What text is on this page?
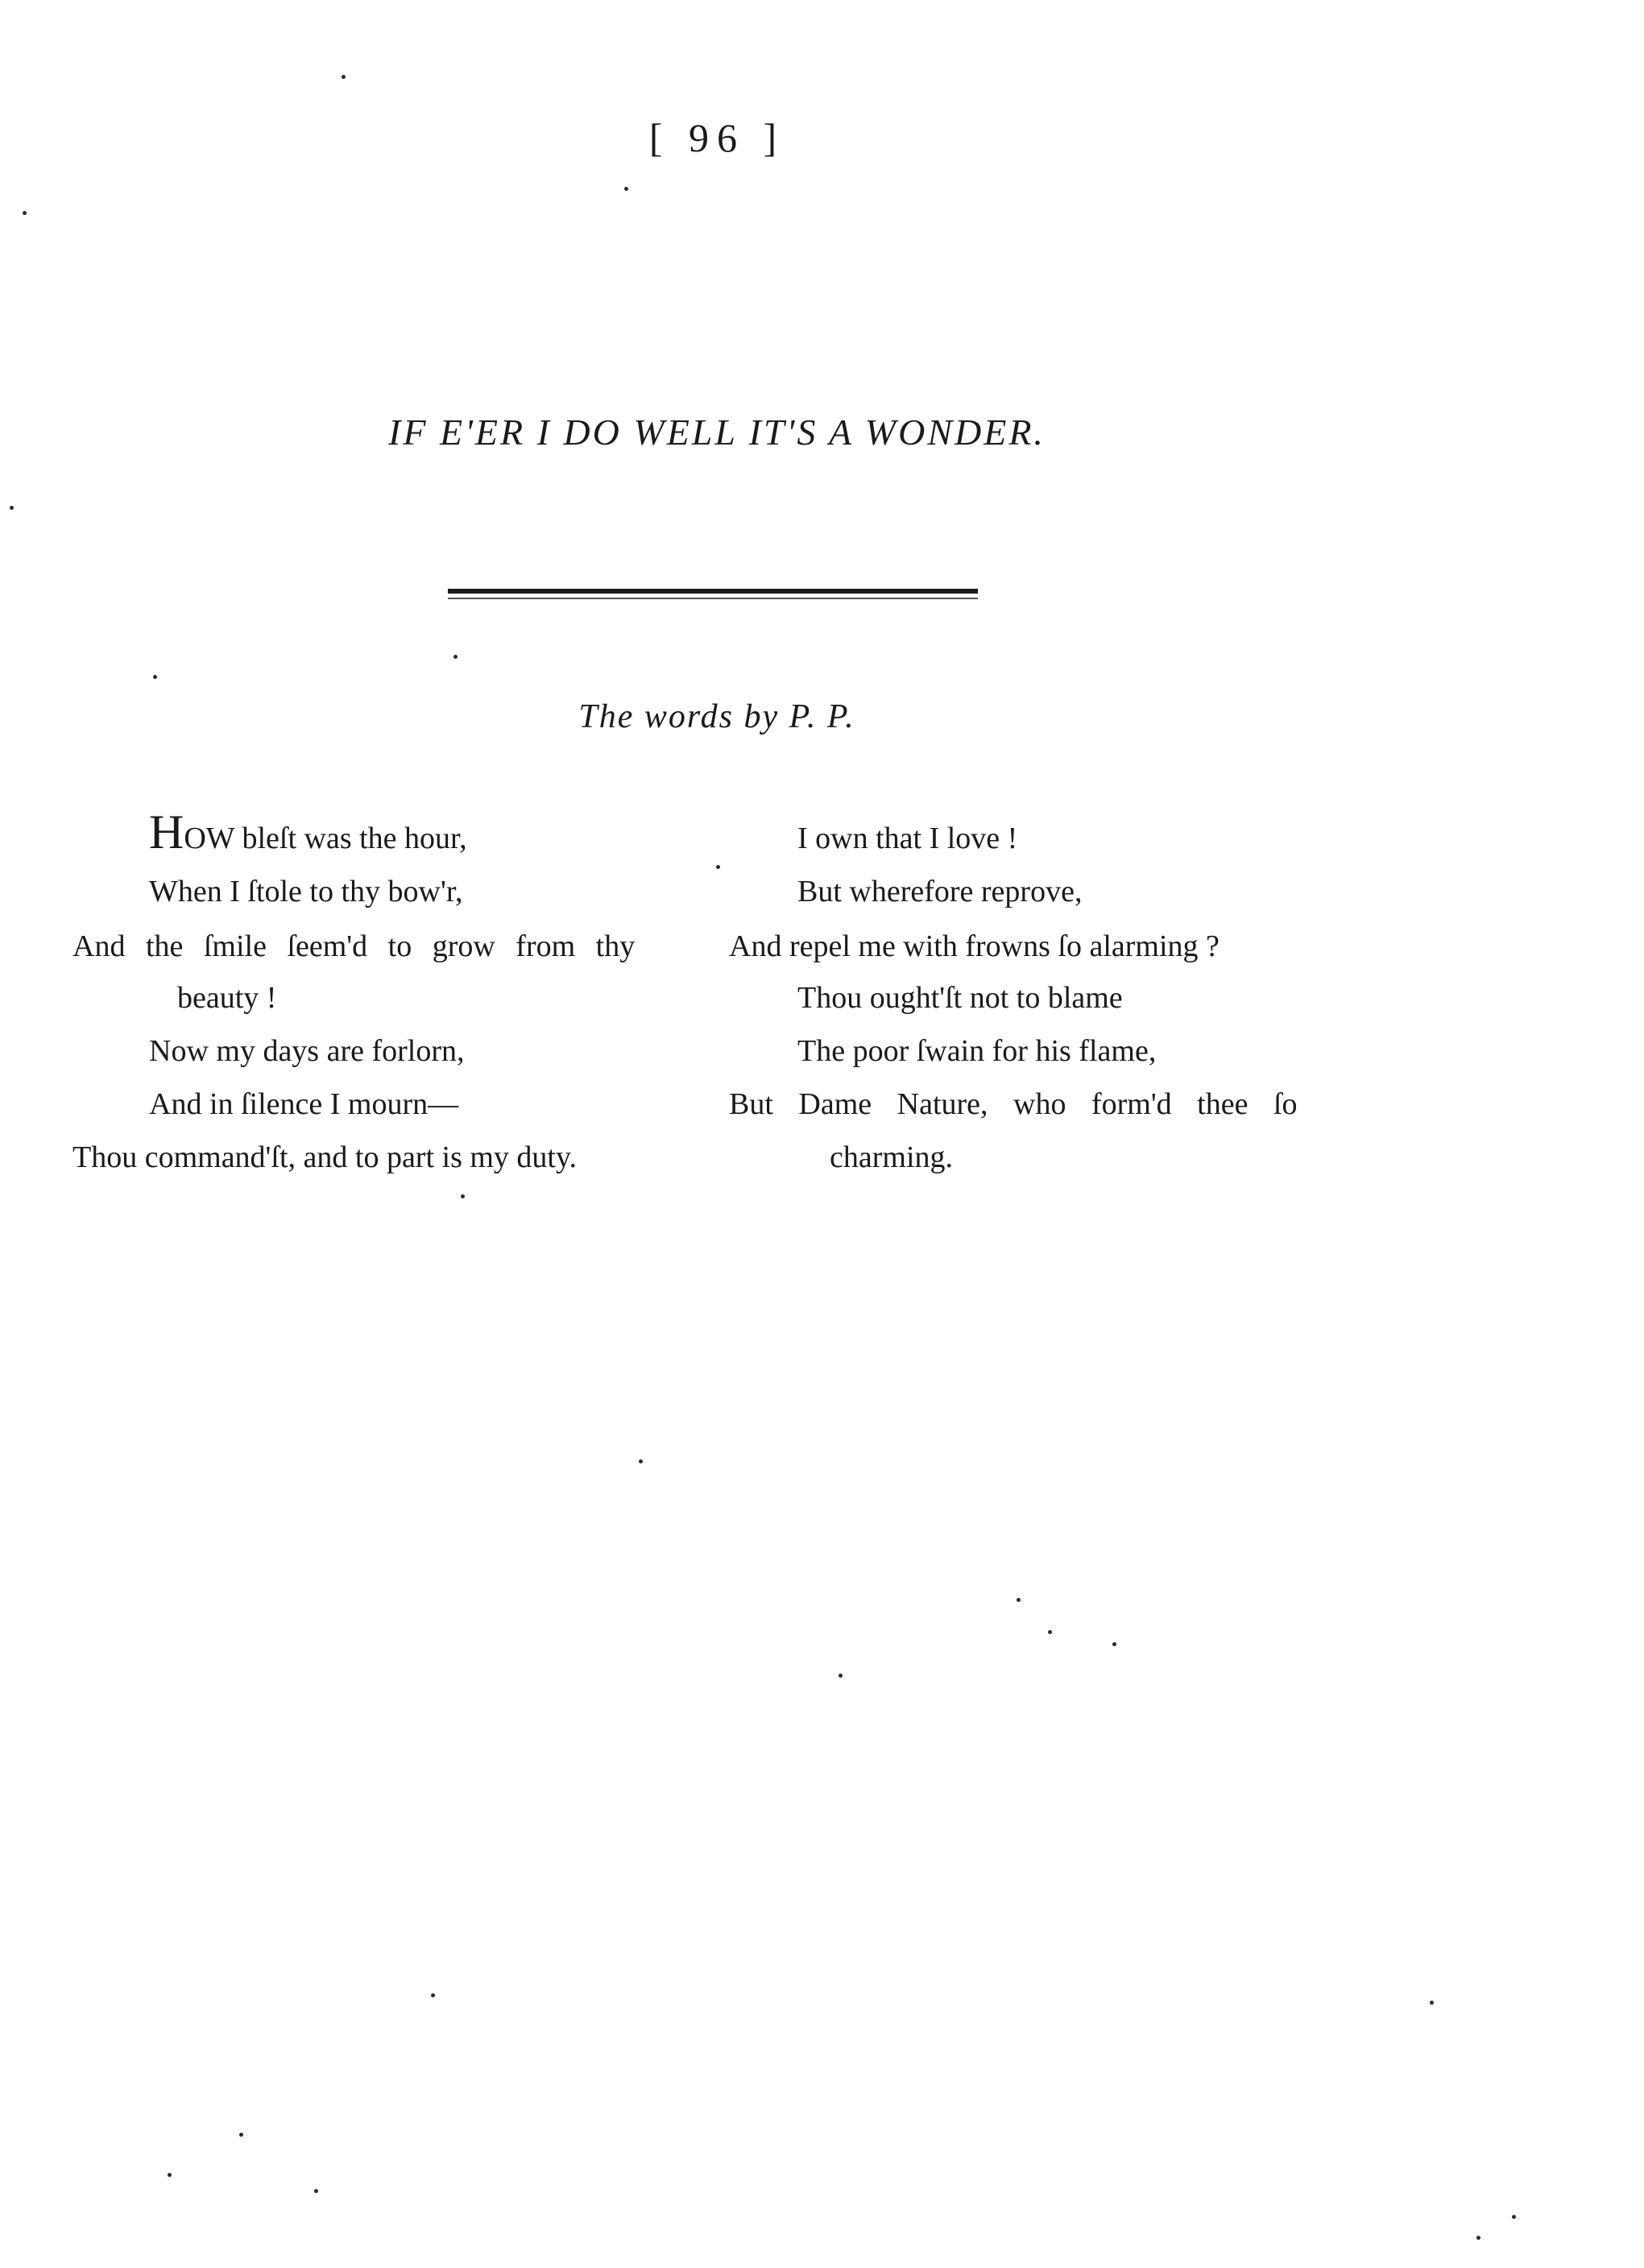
[ 96 ]
IF E'ER I DO WELL IT'S A WONDER.
The words by P. P.
HOW bleſt was the hour,
When I ſtole to thy bow'r,
And the ſmile ſeem'd to grow from thy
beauty !
Now my days are forlorn,
And in ſilence I mourn—
Thou command'ſt, and to part is my duty.
I own that I love !
But wherefore reprove,
And repel me with frowns ſo alarming ?
Thou ought'ſt not to blame
The poor ſwain for his flame,
But Dame Nature, who form'd thee ſo
charming.
